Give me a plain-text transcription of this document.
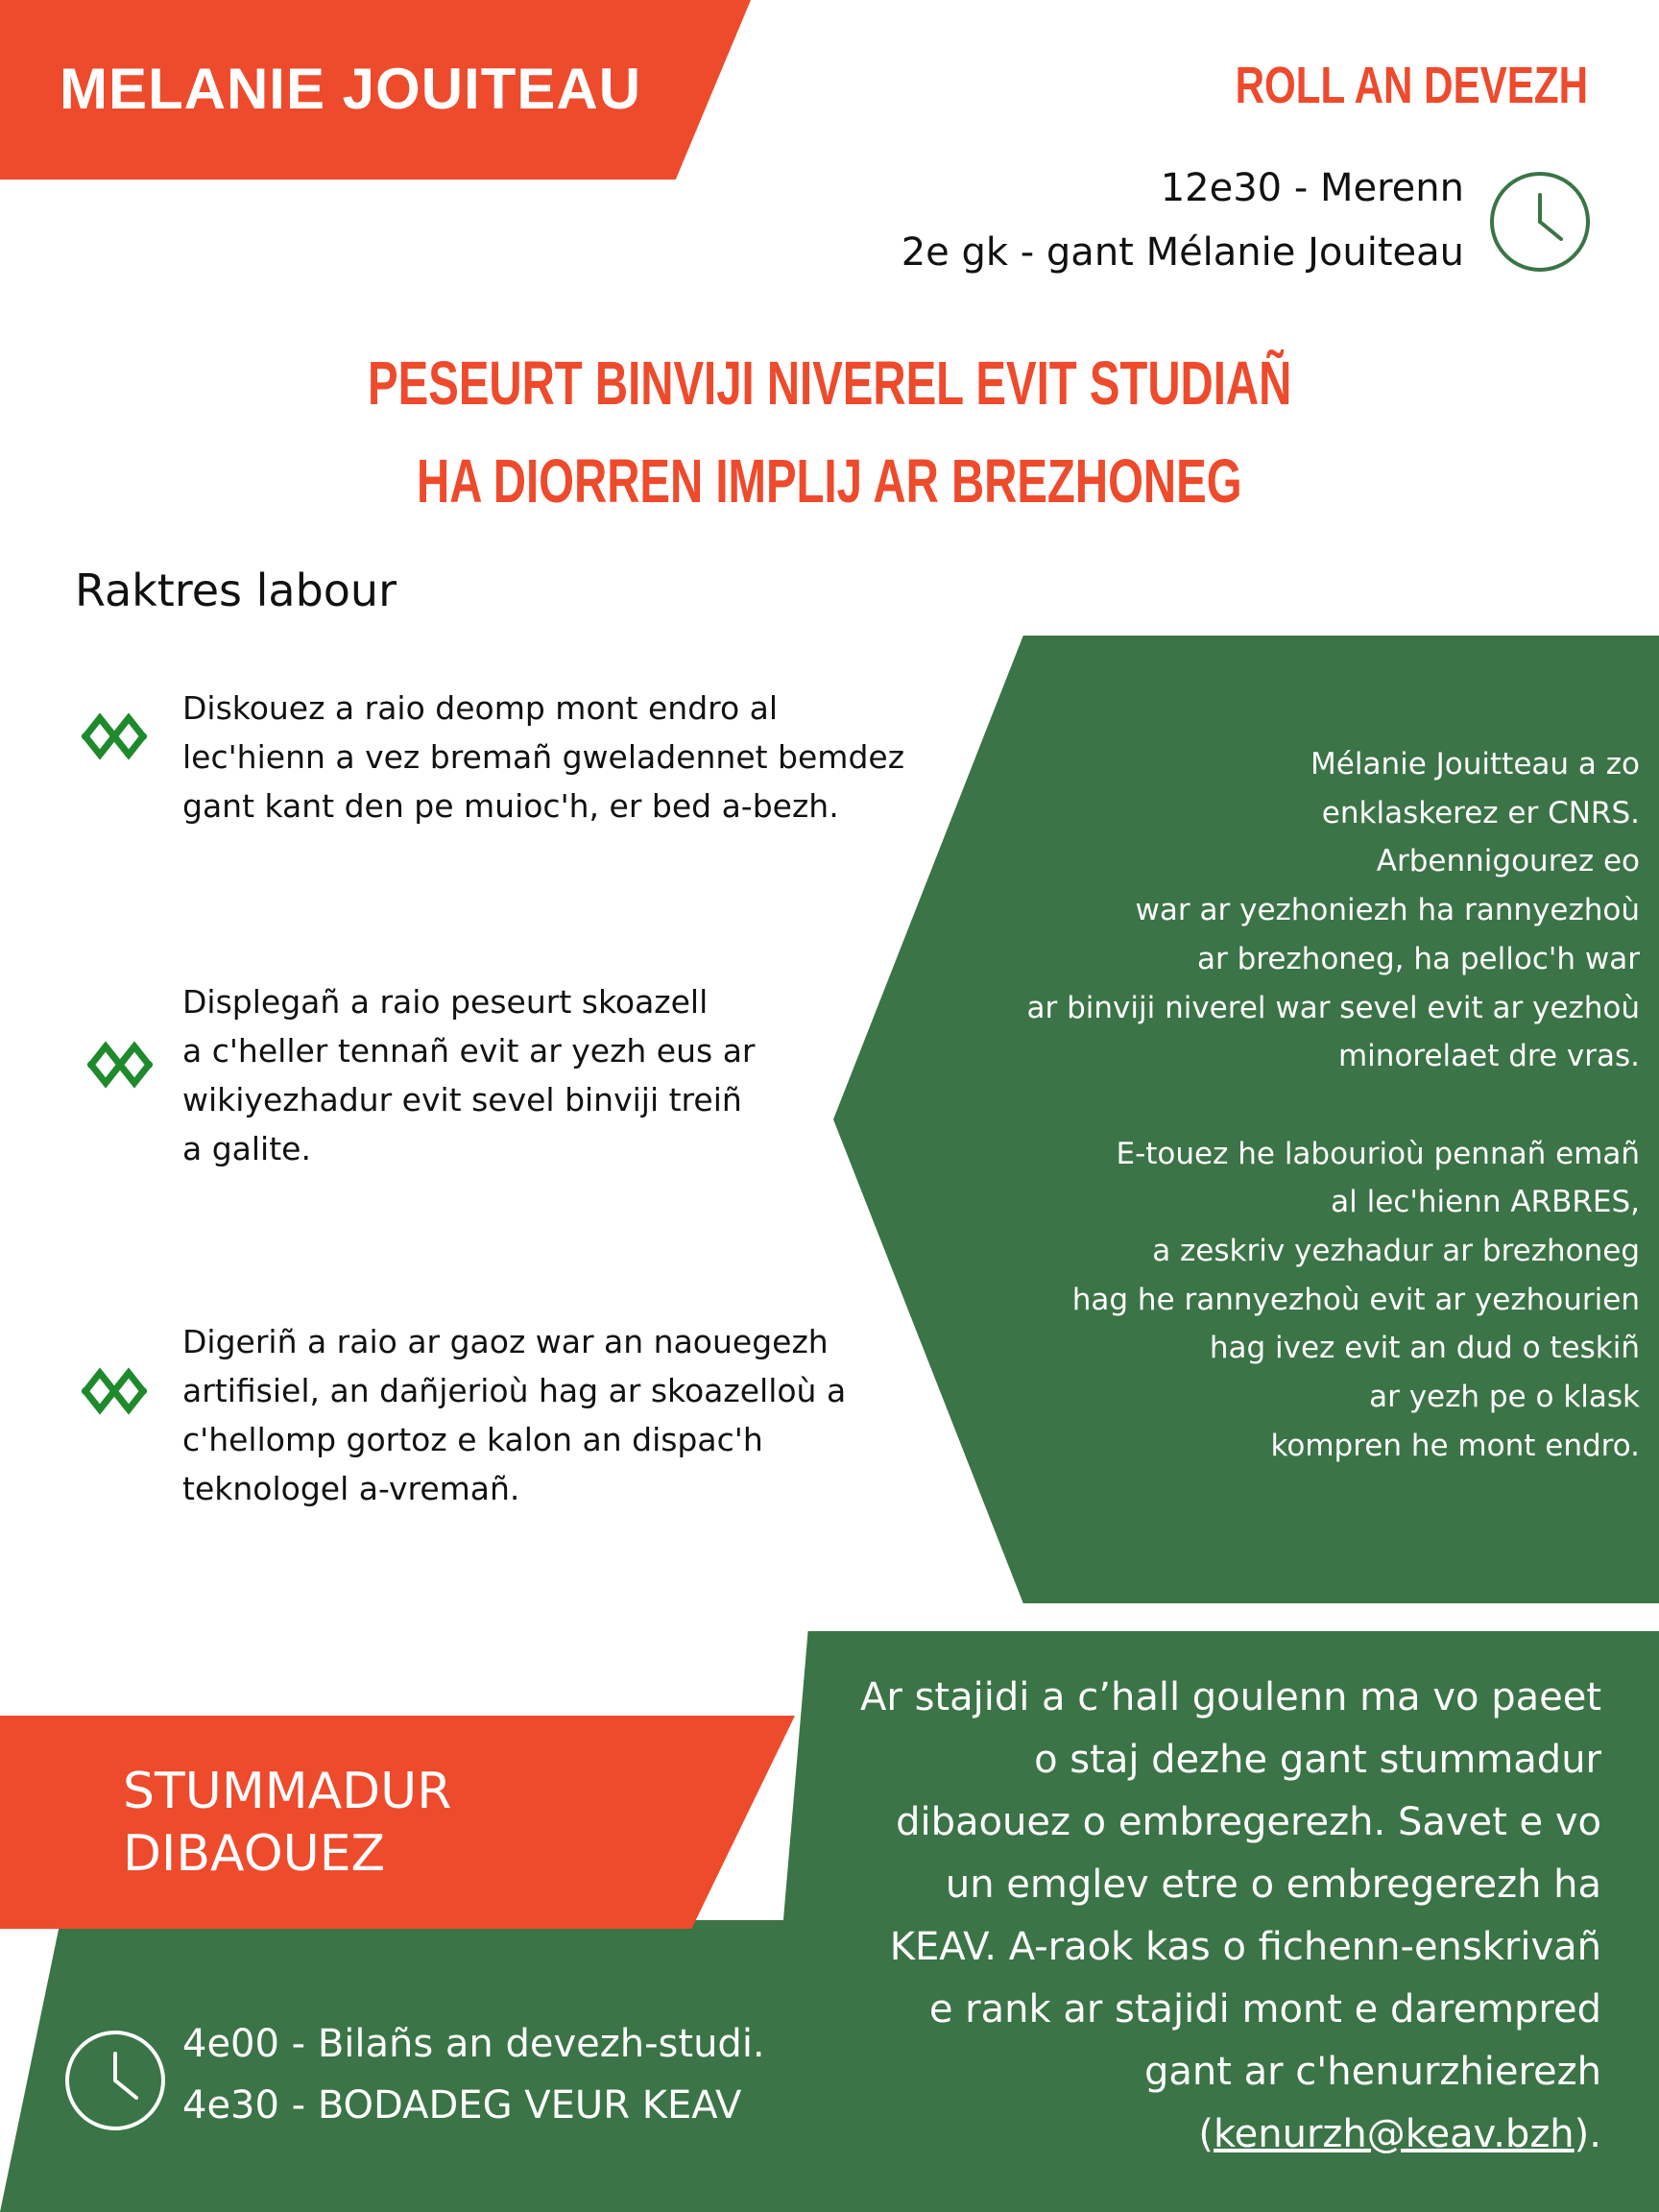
MELANIE JOUITEAU	ROLL AN DEVEZH
12e30 - Merenn
2e gk - gant Mélanie Jouiteau
PESEURT BINVIJI NIVEREL EVIT STUDIAÑ
HA DIORREN IMPLIJ AR BREZHONEG
Raktres labour
Diskouez a raio deomp mont endro al
lec'hienn a vez bremañ gweladennet bemdez
gant kant den pe muioc'h, er bed a-bezh.
Displegañ a raio peseurt skoazell
a c'heller tennañ evit ar yezh eus ar
wikiyezhadur evit sevel binviji treiñ
a galite.
Digeriñ a raio ar gaoz war an naouegezh
artifisiel, an dañjerioù hag ar skoazelloù a
c'hellomp gortoz e kalon an dispac'h
teknologel a-vremañ.
Mélanie Jouitteau a zo
enklaskerez er CNRS.
Arbennigourez eo
war ar yezhoniezh ha rannyezhoù
ar brezhoneg, ha pelloc'h war
ar binviji niverel war sevel evit ar yezhoù
minorelaet dre vras.

E-touez he labourioù pennañ emañ
al lec'hienn ARBRES,
a zeskriv yezhadur ar brezhoneg
hag he rannyezhoù evit ar yezhourien
hag ivez evit an dud o teskiñ
ar yezh pe o klask
kompren he mont endro.
STUMMADUR
DIBAOUEZ
Ar stajidi a c’hall goulenn ma vo paeet
o staj dezhe gant stummadur
dibaouez o embregerezh. Savet e vo
un emglev etre o embregerezh ha
KEAV. A-raok kas o fichenn-enskrivañ
e rank ar stajidi mont e darempred
gant ar c'henurzhierezh
(kenurzh@keav.bzh).
4e00 - Bilañs an devezh-studi.
4e30 - BODADEG VEUR KEAV
